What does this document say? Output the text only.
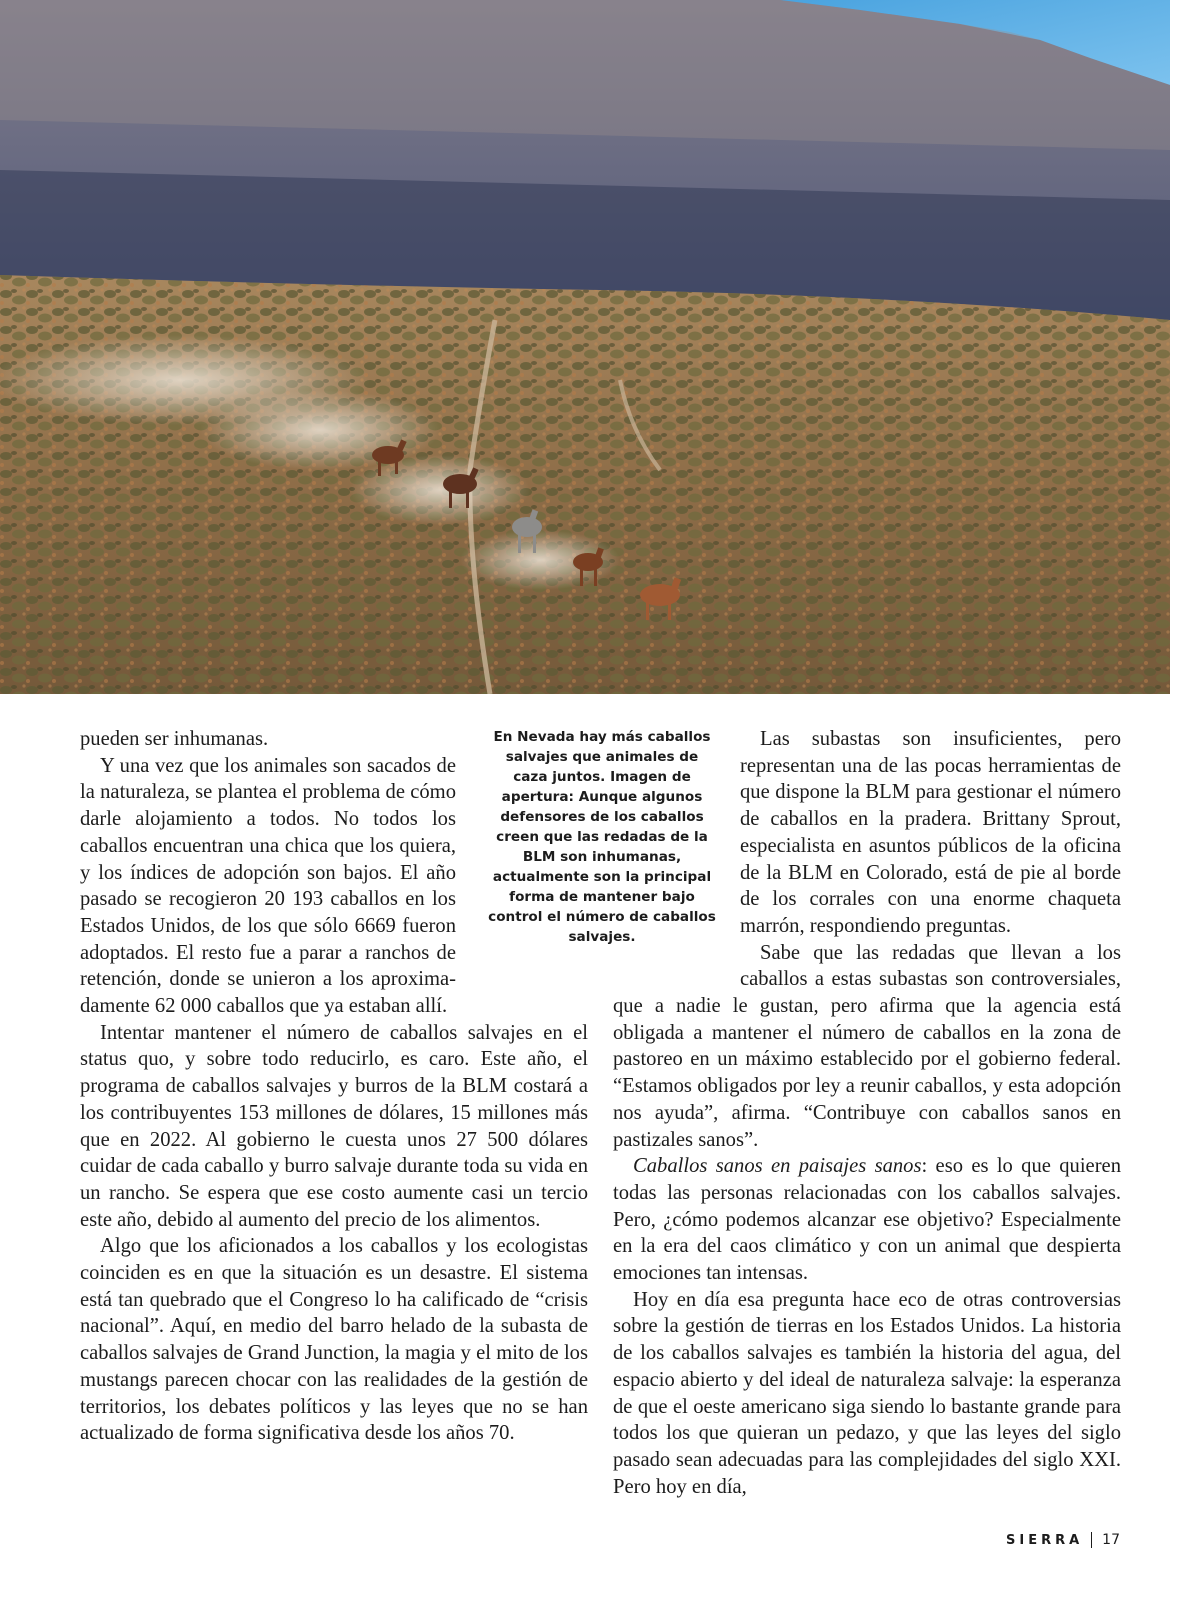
pueden ser inhumanas.

Y una vez que los animales son sacados de la naturaleza, se plantea el problema de cómo darle alojamiento a todos. No todos los caballos encuentran una chica que los quiera, y los índices de adopción son bajos. El año pasado se recogieron 20 193 caballos en los Estados Unidos, de los que sólo 6669 fueron adoptados. El resto fue a parar a ranchos de retención, donde se unieron a los aproximadamente 62 000 caballos que ya estaban allí.

Intentar mantener el número de caballos salvajes en el status quo, y sobre todo reducirlo, es caro. Este año, el programa de caballos salvajes y burros de la BLM costará a los contribuyentes 153 millones de dólares, 15 millones más que en 2022. Al gobierno le cuesta unos 27 500 dólares cuidar de cada caballo y burro salvaje durante toda su vida en un rancho. Se espera que ese costo aumente casi un tercio este año, debido al aumento del precio de los alimentos.

Algo que los aficionados a los caballos y los ecologistas coinciden es en que la situación es un desastre. El sistema está tan quebrado que el Congreso lo ha calificado de “crisis nacional”. Aquí, en medio del barro helado de la subasta de caballos salvajes de Grand Junction, la magia y el mito de los mustangs parecen chocar con las realidades de la gestión de territorios, los debates políticos y las leyes que no se han actualizado de forma significativa desde los años 70.

En Nevada hay más caballos salvajes que animales de caza juntos. Imagen de apertura: Aunque algunos defensores de los caballos creen que las redadas de la BLM son inhumanas, actualmente son la principal forma de mantener bajo control el número de caballos salvajes.

Las subastas son insuficientes, pero representan una de las pocas herramientas de que dispone la BLM para gestionar el número de caballos en la pradera. Brittany Sprout, especialista en asuntos públicos de la oficina de la BLM en Colorado, está de pie al borde de los corrales con una enorme chaqueta marrón, respondiendo preguntas.

Sabe que las redadas que llevan a los caballos a estas subastas son controversiales, que a nadie le gustan, pero afirma que la agencia está obligada a mantener el número de caballos en la zona de pastoreo en un máximo establecido por el gobierno federal. “Estamos obligados por ley a reunir caballos, y esta adopción nos ayuda”, afirma. “Contribuye con caballos sanos en pastizales sanos”.

Caballos sanos en paisajes sanos: eso es lo que quieren todas las personas relacionadas con los caballos salvajes. Pero, ¿cómo podemos alcanzar ese objetivo? Especialmente en la era del caos climático y con un animal que despierta emociones tan intensas.

Hoy en día esa pregunta hace eco de otras controversias sobre la gestión de tierras en los Estados Unidos. La historia de los caballos salvajes es también la historia del agua, del espacio abierto y del ideal de naturaleza salvaje: la esperanza de que el oeste americano siga siendo lo bastante grande para todos los que quieran un pedazo, y que las leyes del siglo pasado sean adecuadas para las complejidades del siglo XXI. Pero hoy en día,

SIERRA 17
